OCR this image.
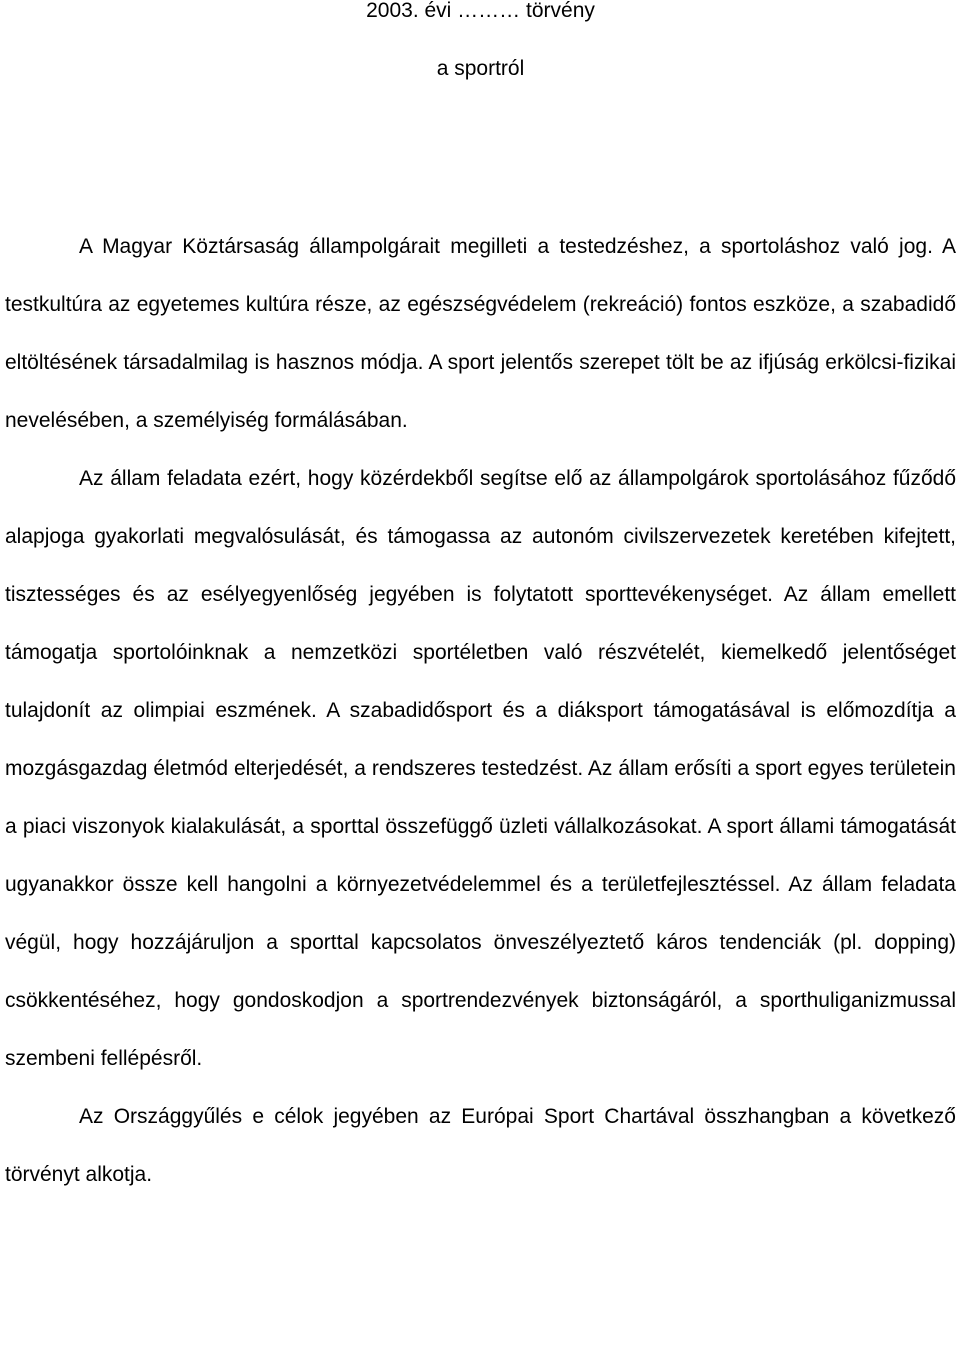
2003. évi ……… törvény

a sportról

A Magyar Köztársaság állampolgárait megilleti a testedzéshez, a sportoláshoz való jog. A testkultúra az egyetemes kultúra része, az egészségvédelem (rekreáció) fontos eszköze, a szabadidő eltöltésének társadalmilag is hasznos módja. A sport jelentős szerepet tölt be az ifjúság erkölcsi-fizikai nevelésében, a személyiség formálásában.

Az állam feladata ezért, hogy közérdekből segítse elő az állampolgárok sportolásához fűződő alapjoga gyakorlati megvalósulását, és támogassa az autonóm civilszervezetek keretében kifejtett, tisztességes és az esélyegyenlőség jegyében is folytatott sporttevékenységet. Az állam emellett támogatja sportolóinknak a nemzetközi sportéletben való részvételét, kiemelkedő jelentőséget tulajdonít az olimpiai eszmének. A szabadidősport és a diáksport támogatásával is előmozdítja a mozgásgazdag életmód elterjedését, a rendszeres testedzést. Az állam erősíti a sport egyes területein a piaci viszonyok kialakulását, a sporttal összefüggő üzleti vállalkozásokat. A sport állami támogatását ugyanakkor össze kell hangolni a környezetvédelemmel és a területfejlesztéssel. Az állam feladata végül, hogy hozzájáruljon a sporttal kapcsolatos önveszélyeztető káros tendenciák (pl. dopping) csökkentéséhez, hogy gondoskodjon a sportrendezvények biztonságáról, a sporthuliganizmussal szembeni fellépésről.

Az Országgyűlés e célok jegyében az Európai Sport Chartával összhangban a következő törvényt alkotja.
